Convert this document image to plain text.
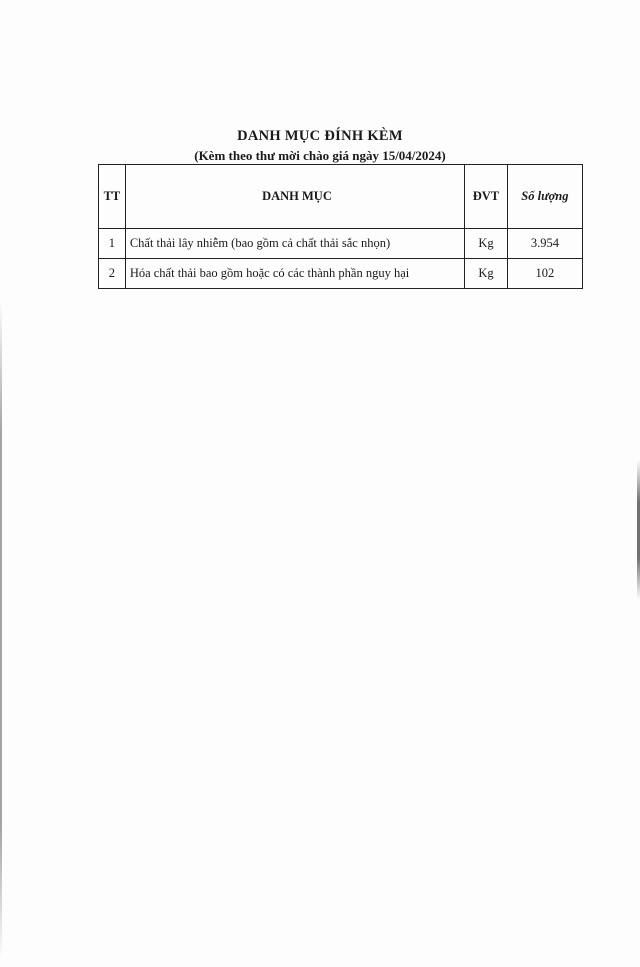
DANH MỤC ĐÍNH KÈM
(Kèm theo thư mời chào giá ngày 15/04/2024)
TT	DANH MỤC	ĐVT	Số lượng
1	Chất thải lây nhiễm (bao gồm cả chất thải sắc nhọn)	Kg	3.954
2	Hóa chất thải bao gồm hoặc có các thành phần nguy hại	Kg	102
